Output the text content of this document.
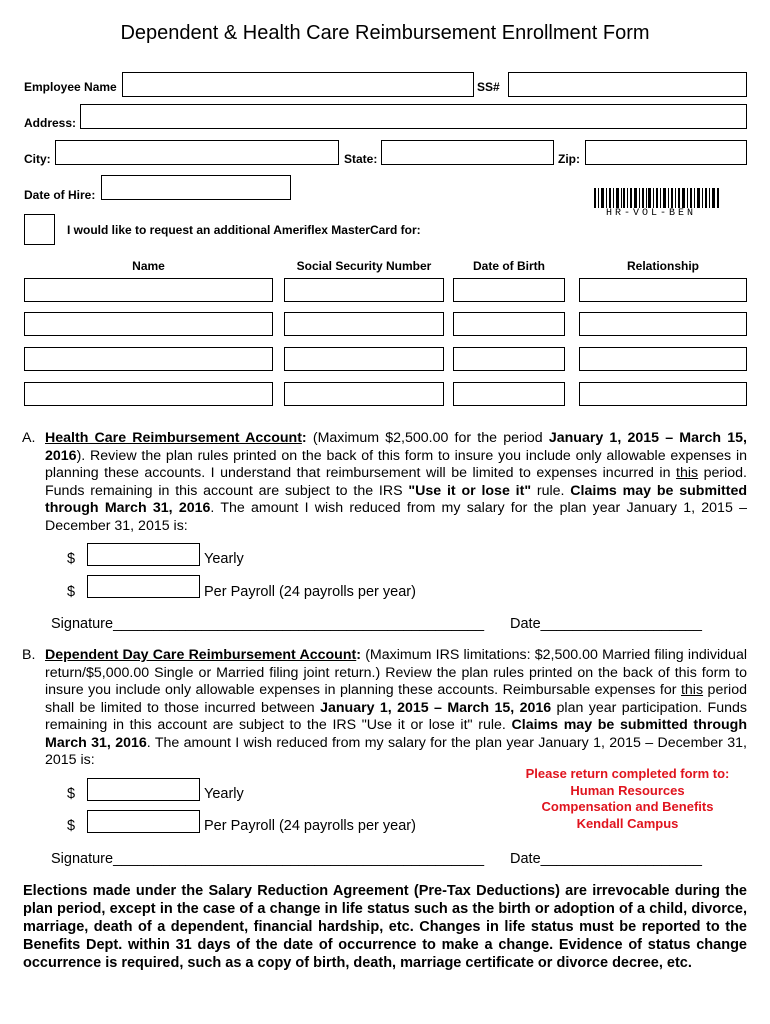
Dependent & Health Care Reimbursement Enrollment Form
Employee Name	SS#
Address:
City:	State:	Zip:
Date of Hire:
HR-VOL-BEN
I would like to request an additional Ameriflex MasterCard for:
Name	Social Security Number	Date of Birth	Relationship
A. Health Care Reimbursement Account: (Maximum $2,500.00 for the period January 1, 2015 – March 15, 2016). Review the plan rules printed on the back of this form to insure you include only allowable expenses in planning these accounts. I understand that reimbursement will be limited to expenses incurred in this period. Funds remaining in this account are subject to the IRS "Use it or lose it" rule. Claims may be submitted through March 31, 2016. The amount I wish reduced from my salary for the plan year January 1, 2015 – December 31, 2015 is:
$	Yearly
$	Per Payroll (24 payrolls per year)
Signature______________________________________________ Date____________________
B. Dependent Day Care Reimbursement Account: (Maximum IRS limitations: $2,500.00 Married filing individual return/$5,000.00 Single or Married filing joint return.) Review the plan rules printed on the back of this form to insure you include only allowable expenses in planning these accounts. Reimbursable expenses for this period shall be limited to those incurred between January 1, 2015 – March 15, 2016 plan year participation. Funds remaining in this account are subject to the IRS "Use it or lose it" rule. Claims may be submitted through March 31, 2016. The amount I wish reduced from my salary for the plan year January 1, 2015 – December 31, 2015 is:
$	Yearly
$	Per Payroll (24 payrolls per year)
Signature______________________________________________ Date____________________
Please return completed form to:
Human Resources
Compensation and Benefits
Kendall Campus
Elections made under the Salary Reduction Agreement (Pre-Tax Deductions) are irrevocable during the plan period, except in the case of a change in life status such as the birth or adoption of a child, divorce, marriage, death of a dependent, financial hardship, etc. Changes in life status must be reported to the Benefits Dept. within 31 days of the date of occurrence to make a change. Evidence of status change occurrence is required, such as a copy of birth, death, marriage certificate or divorce decree, etc.
